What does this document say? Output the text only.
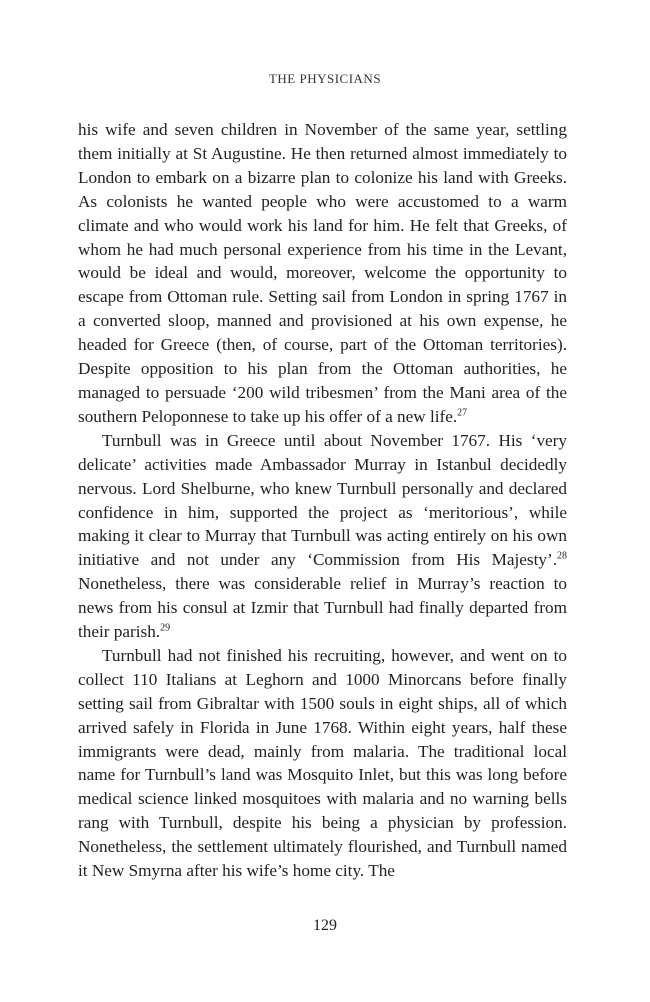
THE PHYSICIANS

his wife and seven children in November of the same year, settling them initially at St Augustine. He then returned almost immediately to London to embark on a bizarre plan to colonize his land with Greeks. As colonists he wanted people who were accustomed to a warm climate and who would work his land for him. He felt that Greeks, of whom he had much personal experience from his time in the Levant, would be ideal and would, moreover, welcome the opportunity to escape from Ottoman rule. Setting sail from London in spring 1767 in a converted sloop, manned and provisioned at his own expense, he headed for Greece (then, of course, part of the Ottoman territories). Despite opposition to his plan from the Ottoman authorities, he managed to persuade ‘200 wild tribesmen’ from the Mani area of the southern Peloponnese to take up his offer of a new life.$^{27}$

Turnbull was in Greece until about November 1767. His ‘very delicate’ activities made Ambassador Murray in Istanbul decidedly nervous. Lord Shelburne, who knew Turnbull personally and declared confidence in him, supported the project as ‘meritorious’, while making it clear to Murray that Turnbull was acting entirely on his own initiative and not under any ‘Commission from His Majesty’.$^{28}$ Nonetheless, there was considerable relief in Murray’s reaction to news from his consul at Izmir that Turnbull had finally departed from their parish.$^{29}$

Turnbull had not finished his recruiting, however, and went on to collect 110 Italians at Leghorn and 1000 Minorcans before finally setting sail from Gibraltar with 1500 souls in eight ships, all of which arrived safely in Florida in June 1768. Within eight years, half these immigrants were dead, mainly from malaria. The traditional local name for Turnbull’s land was Mosquito Inlet, but this was long before medical science linked mosquitoes with malaria and no warning bells rang with Turnbull, despite his being a physician by profession. Nonetheless, the settlement ultimately flourished, and Turnbull named it New Smyrna after his wife’s home city. The

129
